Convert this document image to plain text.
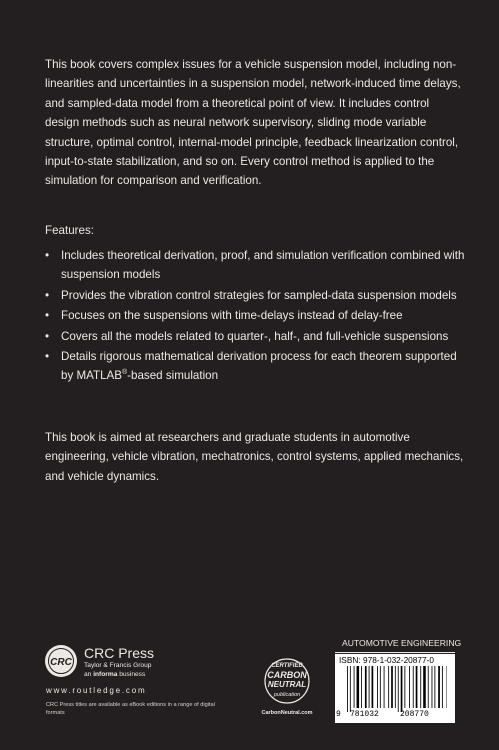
This book covers complex issues for a vehicle suspension model, including non-linearities and uncertainties in a suspension model, network-induced time delays, and sampled-data model from a theoretical point of view. It includes control design methods such as neural network supervisory, sliding mode variable structure, optimal control, internal-model principle, feedback linearization control, input-to-state stabilization, and so on. Every control method is applied to the simulation for comparison and verification.

Features:

• Includes theoretical derivation, proof, and simulation verification combined with suspension models
• Provides the vibration control strategies for sampled-data suspension models
• Focuses on the suspensions with time-delays instead of delay-free
• Covers all the models related to quarter-, half-, and full-vehicle suspensions
• Details rigorous mathematical derivation process for each theorem supported by MATLAB®-based simulation

This book is aimed at researchers and graduate students in automotive engineering, vehicle vibration, mechatronics, control systems, applied mechanics, and vehicle dynamics.

CRC
CRC Press
Taylor & Francis Group
an informa business
www.routledge.com
CRC Press titles are available as eBook editions in a range of digital formats
CERTIFIED
CARBON
NEUTRAL
publication
CarbonNeutral.com
AUTOMOTIVE ENGINEERING
ISBN: 978-1-032-20877-0
9 781032	208770
